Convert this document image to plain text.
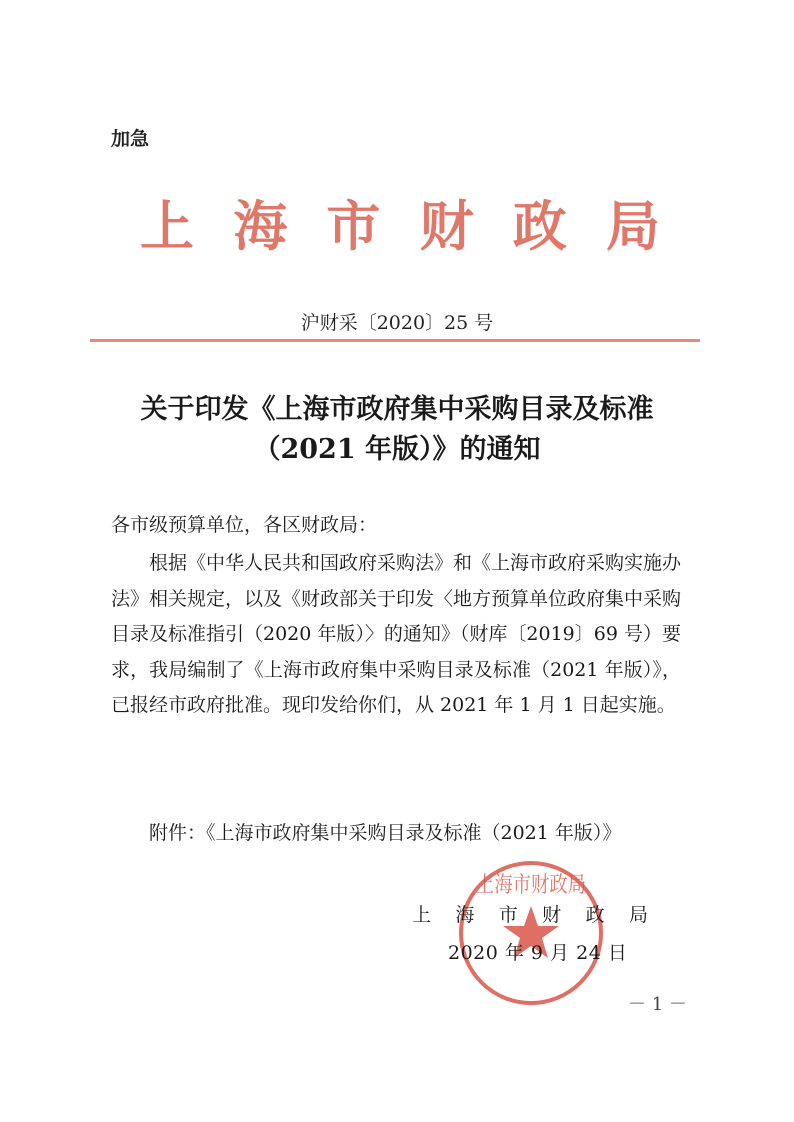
加急
上 海 市 财 政 局
沪财采〔2020〕25 号
关于印发《上海市政府集中采购目录及标准
（2021 年版）》的通知
各市级预算单位，各区财政局：

根据《中华人民共和国政府采购法》和《上海市政府采购实施办法》相关规定，以及《财政部关于印发〈地方预算单位政府集中采购目录及标准指引（2020 年版）〉的通知》（财库〔2019〕69 号）要求，我局编制了《上海市政府集中采购目录及标准（2021 年版）》，已报经市政府批准。现印发给你们，从 2021 年 1 月 1 日起实施。

附件：《上海市政府集中采购目录及标准（2021 年版）》
上海市财政局
上 海 市 财 政 局
2020 年 9 月 24 日
－ 1 －
